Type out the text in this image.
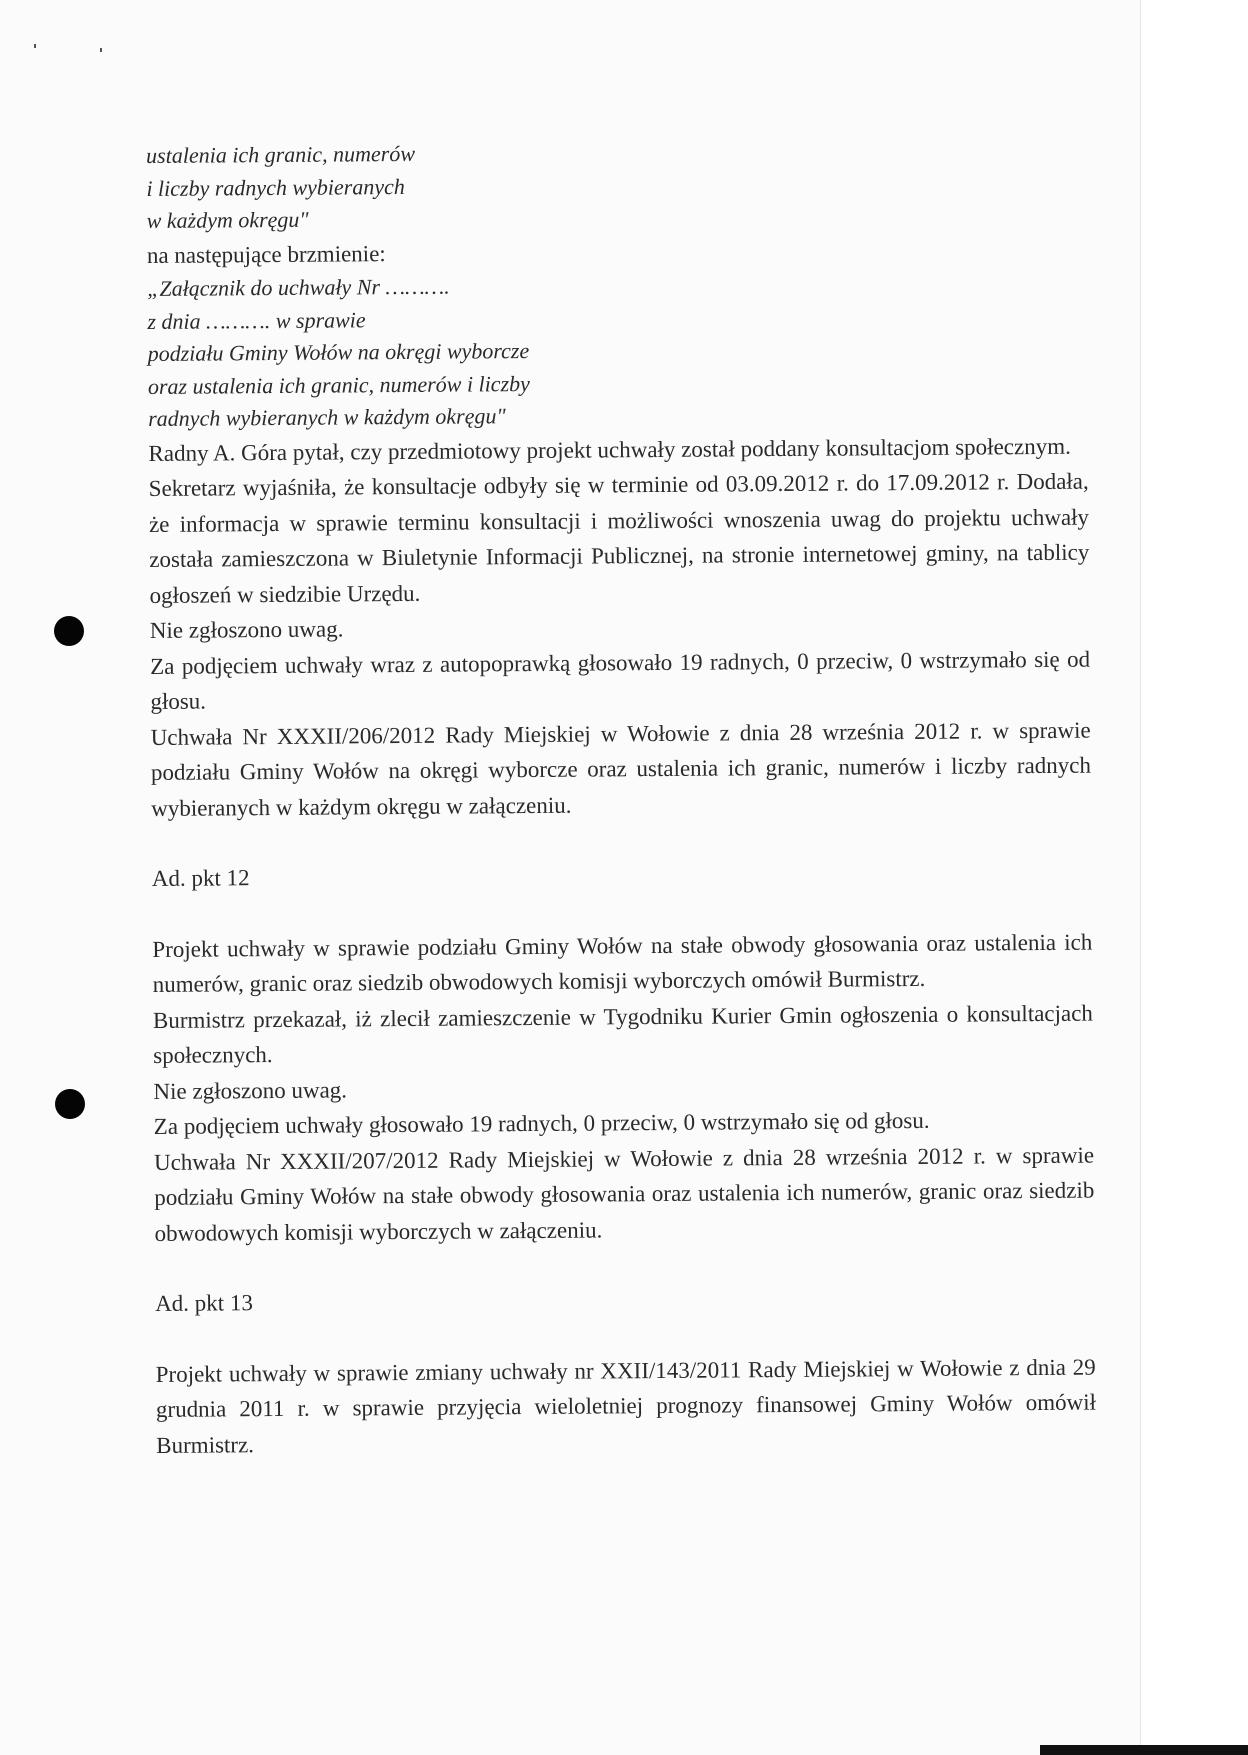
ustalenia ich granic, numerów

i liczby radnych wybieranych

w każdym okręgu"

na następujące brzmienie:

„Załącznik do uchwały Nr ……….

z dnia ………. w sprawie

podziału Gminy Wołów na okręgi wyborcze

oraz ustalenia ich granic, numerów i liczby

radnych wybieranych w każdym okręgu"

Radny A. Góra pytał, czy przedmiotowy projekt uchwały został poddany konsultacjom społecznym.

Sekretarz wyjaśniła, że konsultacje odbyły się w terminie od 03.09.2012 r. do 17.09.2012 r. Dodała, że informacja w sprawie terminu konsultacji i możliwości wnoszenia uwag do projektu uchwały została zamieszczona w Biuletynie Informacji Publicznej, na stronie internetowej gminy, na tablicy ogłoszeń w siedzibie Urzędu.

Nie zgłoszono uwag.

Za podjęciem uchwały wraz z autopoprawką głosowało 19 radnych, 0 przeciw, 0 wstrzymało się od głosu.

Uchwała Nr XXXII/206/2012 Rady Miejskiej w Wołowie z dnia 28 września 2012 r. w sprawie podziału Gminy Wołów na okręgi wyborcze oraz ustalenia ich granic, numerów i liczby radnych wybieranych w każdym okręgu w załączeniu.

Ad. pkt 12

Projekt uchwały w sprawie podziału Gminy Wołów na stałe obwody głosowania oraz ustalenia ich numerów, granic oraz siedzib obwodowych komisji wyborczych omówił Burmistrz.

Burmistrz przekazał, iż zlecił zamieszczenie w Tygodniku Kurier Gmin ogłoszenia o konsultacjach społecznych.

Nie zgłoszono uwag.

Za podjęciem uchwały głosowało 19 radnych, 0 przeciw, 0 wstrzymało się od głosu.

Uchwała Nr XXXII/207/2012 Rady Miejskiej w Wołowie z dnia 28 września 2012 r. w sprawie podziału Gminy Wołów na stałe obwody głosowania oraz ustalenia ich numerów, granic oraz siedzib obwodowych komisji wyborczych w załączeniu.

Ad. pkt 13

Projekt uchwały w sprawie zmiany uchwały nr XXII/143/2011 Rady Miejskiej w Wołowie z dnia 29 grudnia 2011 r. w sprawie przyjęcia wieloletniej prognozy finansowej Gminy Wołów omówił Burmistrz.
